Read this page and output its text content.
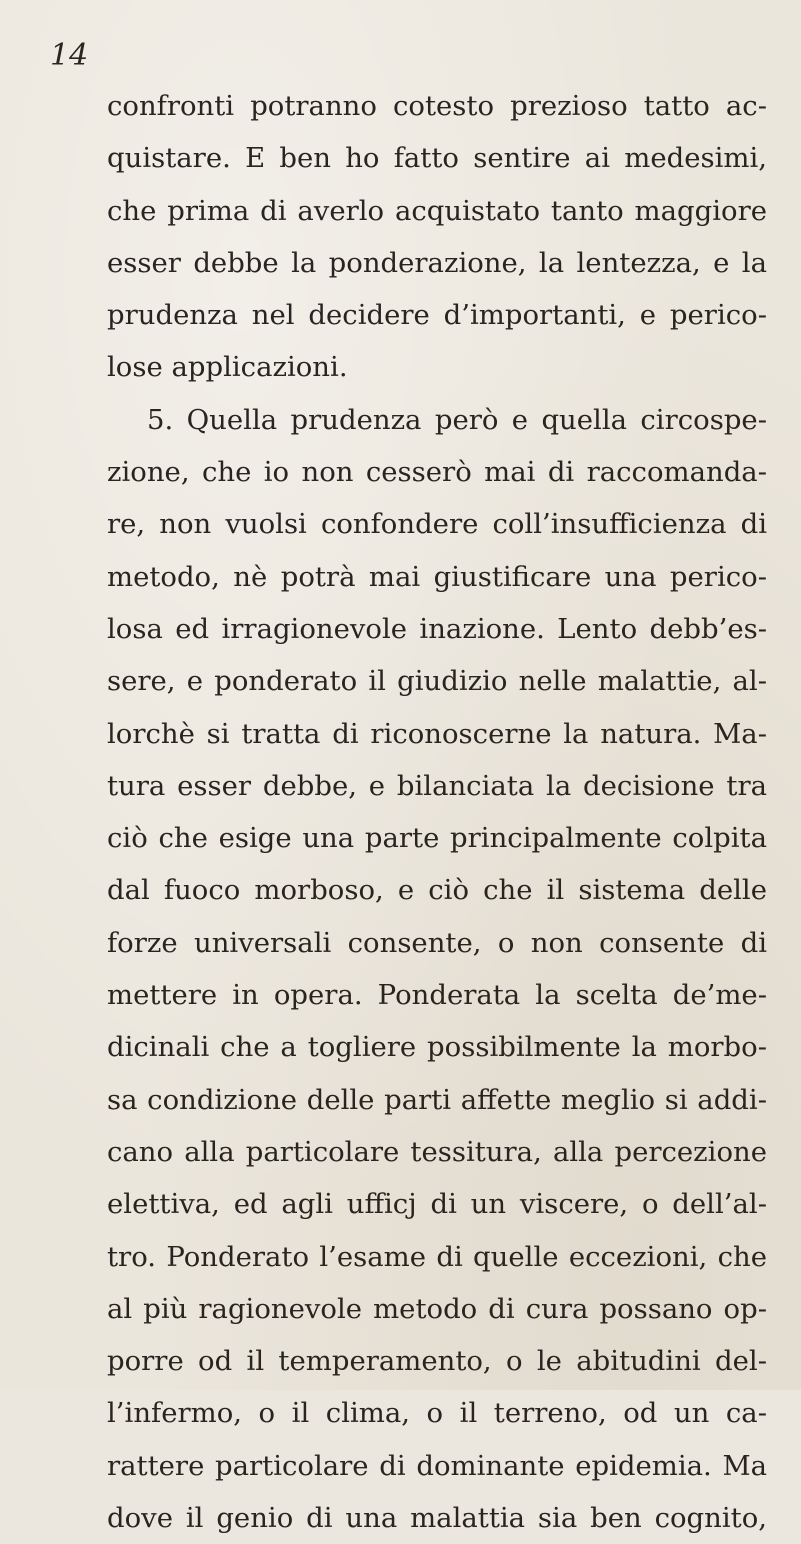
14
confronti potranno cotesto prezioso tatto ac-
quistare. E ben ho fatto sentire ai medesimi,
che prima di averlo acquistato tanto maggiore
esser debbe la ponderazione, la lentezza, e la
prudenza nel decidere d’importanti, e perico-
lose applicazioni.
5. Quella prudenza però e quella circospe-
zione, che io non cesserò mai di raccomanda-
re, non vuolsi confondere coll’insufficienza di
metodo, nè potrà mai giustificare una perico-
losa ed irragionevole inazione. Lento debb’es-
sere, e ponderato il giudizio nelle malattie, al-
lorchè si tratta di riconoscerne la natura. Ma-
tura esser debbe, e bilanciata la decisione tra
ciò che esige una parte principalmente colpita
dal fuoco morboso, e ciò che il sistema delle
forze universali consente, o non consente di
mettere in opera. Ponderata la scelta de’me-
dicinali che a togliere possibilmente la morbo-
sa condizione delle parti affette meglio si addi-
cano alla particolare tessitura, alla percezione
elettiva, ed agli ufficj di un viscere, o dell’al-
tro. Ponderato l’esame di quelle eccezioni, che
al più ragionevole metodo di cura possano op-
porre od il temperamento, o le abitudini del-
l’infermo, o il clima, o il terreno, od un ca-
rattere particolare di dominante epidemia. Ma
dove il genio di una malattia sia ben cognito,
